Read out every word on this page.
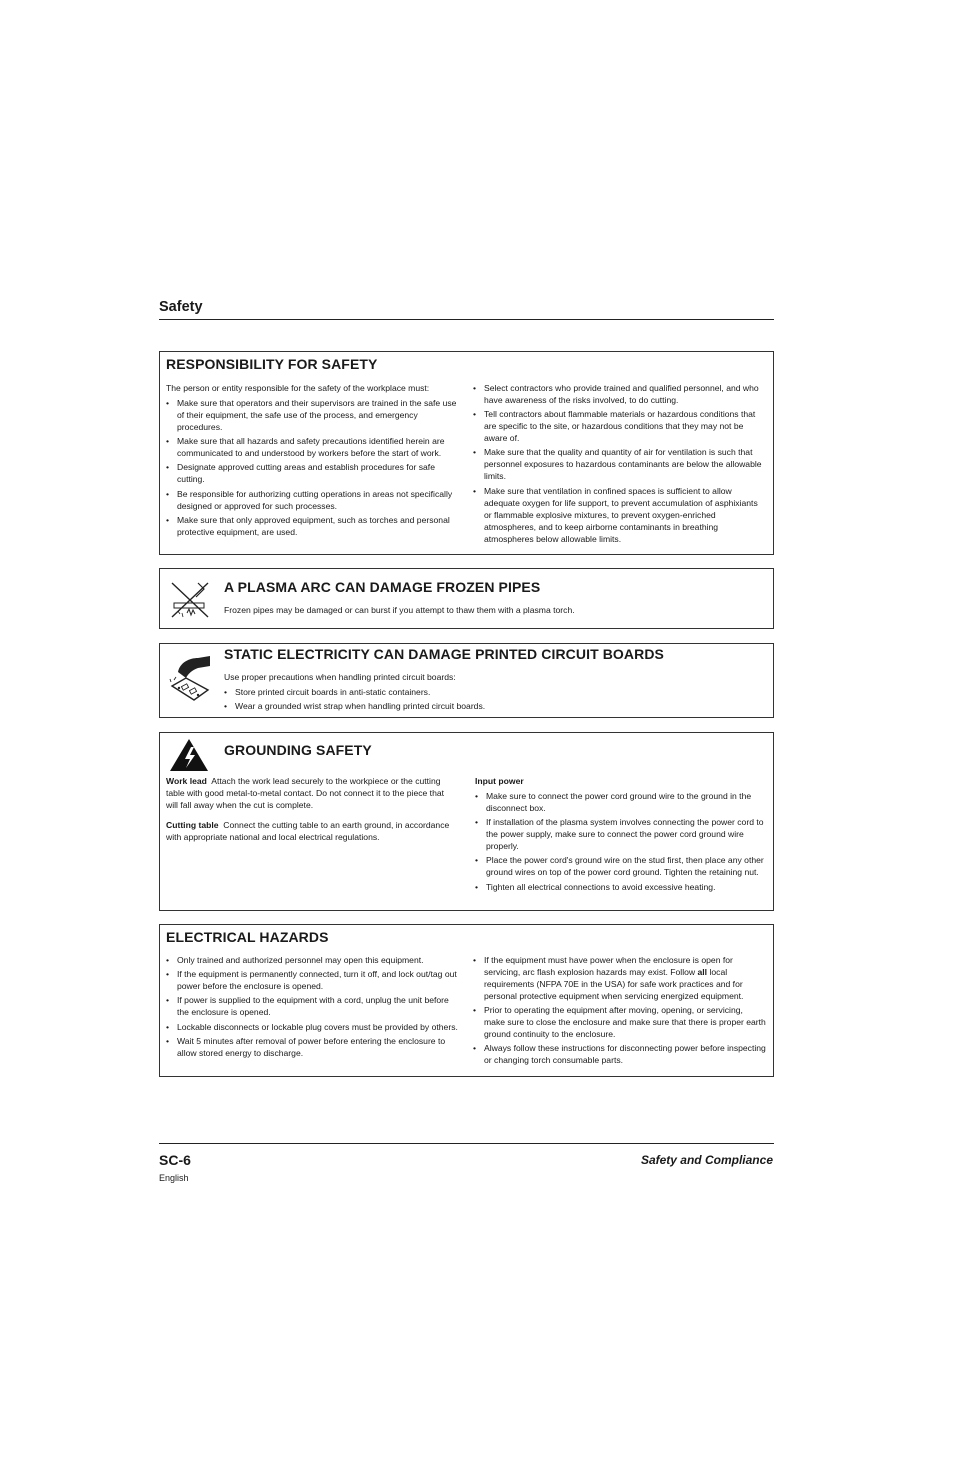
Safety
RESPONSIBILITY FOR SAFETY

The person or entity responsible for the safety of the workplace must:

• Make sure that operators and their supervisors are trained in the safe use of their equipment, the safe use of the process, and emergency procedures.
• Make sure that all hazards and safety precautions identified herein are communicated to and understood by workers before the start of work.
• Designate approved cutting areas and establish procedures for safe cutting.
• Be responsible for authorizing cutting operations in areas not specifically designed or approved for such processes.
• Make sure that only approved equipment, such as torches and personal protective equipment, are used.
• Select contractors who provide trained and qualified personnel, and who have awareness of the risks involved, to do cutting.
• Tell contractors about flammable materials or hazardous conditions that are specific to the site, or hazardous conditions that they may not be aware of.
• Make sure that the quality and quantity of air for ventilation is such that personnel exposures to hazardous contaminants are below the allowable limits.
• Make sure that ventilation in confined spaces is sufficient to allow adequate oxygen for life support, to prevent accumulation of asphixiants or flammable explosive mixtures, to prevent oxygen-enriched atmospheres, and to keep airborne contaminants in breathing atmospheres below allowable limits.
A PLASMA ARC CAN DAMAGE FROZEN PIPES

Frozen pipes may be damaged or can burst if you attempt to thaw them with a plasma torch.

STATIC ELECTRICITY CAN DAMAGE PRINTED CIRCUIT BOARDS

Use proper precautions when handling printed circuit boards:

• Store printed circuit boards in anti-static containers.
• Wear a grounded wrist strap when handling printed circuit boards.
GROUNDING SAFETY

Work lead Attach the work lead securely to the workpiece or the cutting table with good metal-to-metal contact. Do not connect it to the piece that will fall away when the cut is complete.

Cutting table Connect the cutting table to an earth ground, in accordance with appropriate national and local electrical regulations.

Input power

• Make sure to connect the power cord ground wire to the ground in the disconnect box.
• If installation of the plasma system involves connecting the power cord to the power supply, make sure to connect the power cord ground wire properly.
• Place the power cord's ground wire on the stud first, then place any other ground wires on top of the power cord ground. Tighten the retaining nut.
• Tighten all electrical connections to avoid excessive heating.
ELECTRICAL HAZARDS
• Only trained and authorized personnel may open this equipment.
• If the equipment is permanently connected, turn it off, and lock out/tag out power before the enclosure is opened.
• If power is supplied to the equipment with a cord, unplug the unit before the enclosure is opened.
• Lockable disconnects or lockable plug covers must be provided by others.
• Wait 5 minutes after removal of power before entering the enclosure to allow stored energy to discharge.
• If the equipment must have power when the enclosure is open for servicing, arc flash explosion hazards may exist. Follow all local requirements (NFPA 70E in the USA) for safe work practices and for personal protective equipment when servicing energized equipment.
• Prior to operating the equipment after moving, opening, or servicing, make sure to close the enclosure and make sure that there is proper earth ground continuity to the enclosure.
• Always follow these instructions for disconnecting power before inspecting or changing torch consumable parts.
SC-6	Safety and Compliance
English
